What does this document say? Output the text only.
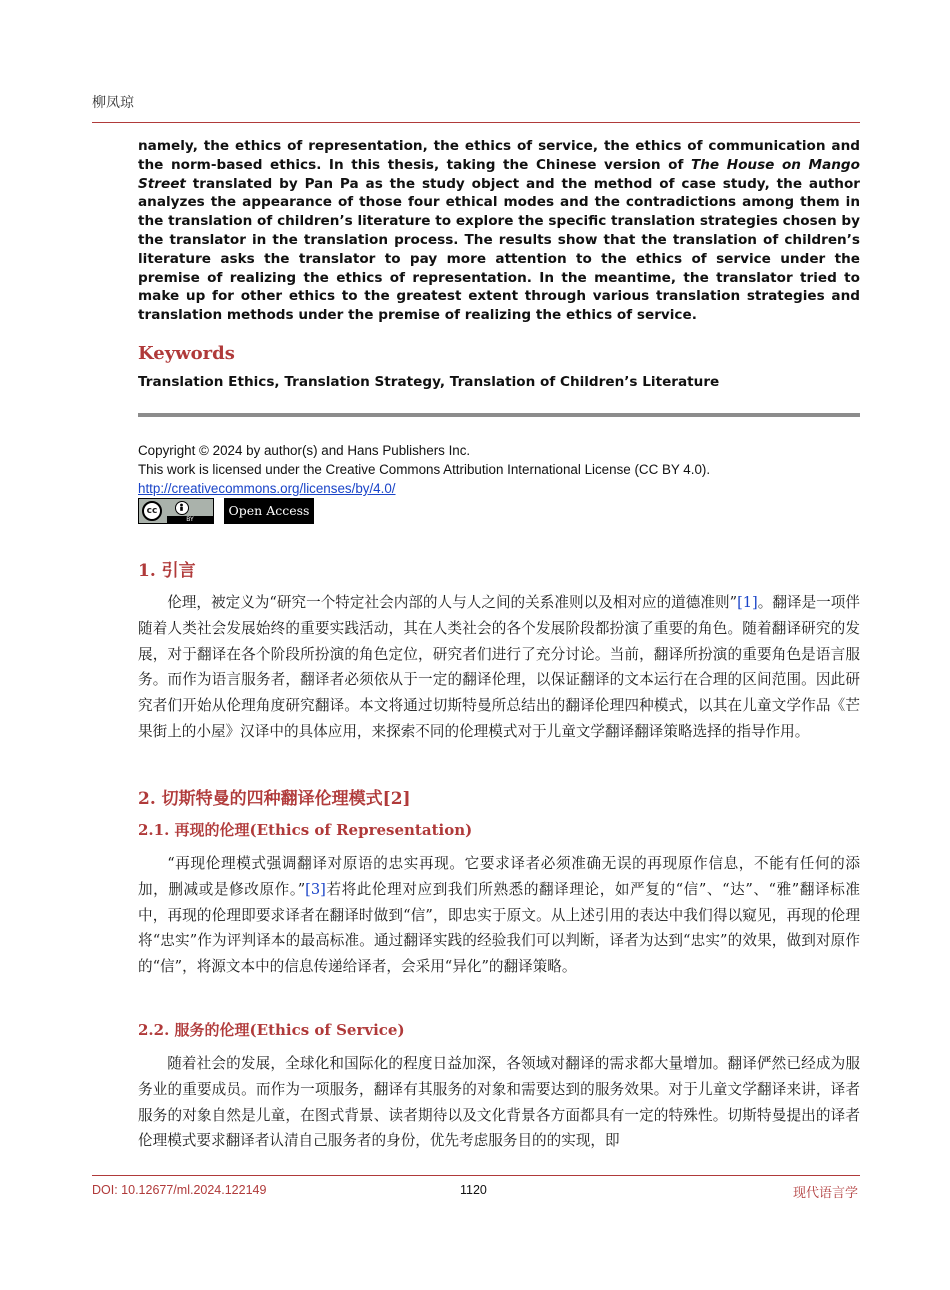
柳凤琼
namely, the ethics of representation, the ethics of service, the ethics of communication and the norm-based ethics. In this thesis, taking the Chinese version of The House on Mango Street translated by Pan Pa as the study object and the method of case study, the author analyzes the appearance of those four ethical modes and the contradictions among them in the translation of children’s literature to explore the specific translation strategies chosen by the translator in the translation process. The results show that the translation of children’s literature asks the translator to pay more attention to the ethics of service under the premise of realizing the ethics of representation. In the meantime, the translator tried to make up for other ethics to the greatest extent through various translation strategies and translation methods under the premise of realizing the ethics of service.
Keywords
Translation Ethics, Translation Strategy, Translation of Children’s Literature
Copyright © 2024 by author(s) and Hans Publishers Inc.
This work is licensed under the Creative Commons Attribution International License (CC BY 4.0).
http://creativecommons.org/licenses/by/4.0/
cc
BY
Open Access
1. 引言
伦理，被定义为“研究一个特定社会内部的人与人之间的关系准则以及相对应的道德准则”[1]。翻译是一项伴随着人类社会发展始终的重要实践活动，其在人类社会的各个发展阶段都扮演了重要的角色。随着翻译研究的发展，对于翻译在各个阶段所扮演的角色定位，研究者们进行了充分讨论。当前，翻译所扮演的重要角色是语言服务。而作为语言服务者，翻译者必须依从于一定的翻译伦理，以保证翻译的文本运行在合理的区间范围。因此研究者们开始从伦理角度研究翻译。本文将通过切斯特曼所总结出的翻译伦理四种模式，以其在儿童文学作品《芒果街上的小屋》汉译中的具体应用，来探索不同的伦理模式对于儿童文学翻译翻译策略选择的指导作用。
2. 切斯特曼的四种翻译伦理模式[2]
2.1. 再现的伦理(Ethics of Representation)
“再现伦理模式强调翻译对原语的忠实再现。它要求译者必须准确无误的再现原作信息，不能有任何的添加，删减或是修改原作。”[3]若将此伦理对应到我们所熟悉的翻译理论，如严复的“信”、“达”、“雅”翻译标准中，再现的伦理即要求译者在翻译时做到“信”，即忠实于原文。从上述引用的表达中我们得以窥见，再现的伦理将“忠实”作为评判译本的最高标准。通过翻译实践的经验我们可以判断，译者为达到“忠实”的效果，做到对原作的“信”，将源文本中的信息传递给译者，会采用“异化”的翻译策略。
2.2. 服务的伦理(Ethics of Service)
随着社会的发展，全球化和国际化的程度日益加深，各领域对翻译的需求都大量增加。翻译俨然已经成为服务业的重要成员。而作为一项服务，翻译有其服务的对象和需要达到的服务效果。对于儿童文学翻译来讲，译者服务的对象自然是儿童，在图式背景、读者期待以及文化背景各方面都具有一定的特殊性。切斯特曼提出的译者伦理模式要求翻译者认清自己服务者的身份，优先考虑服务目的的实现，即
DOI: 10.12677/ml.2024.122149	1120	现代语言学
